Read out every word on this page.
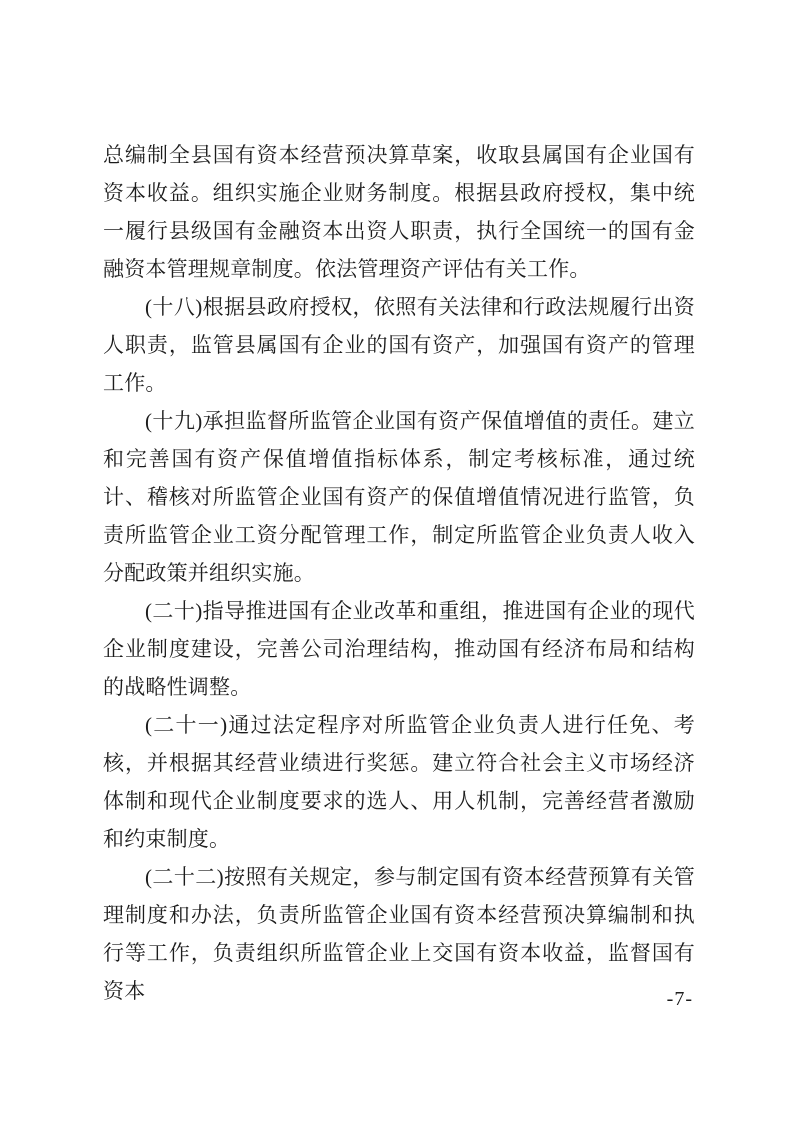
总编制全县国有资本经营预决算草案，收取县属国有企业国有资本收益。组织实施企业财务制度。根据县政府授权，集中统一履行县级国有金融资本出资人职责，执行全国统一的国有金融资本管理规章制度。依法管理资产评估有关工作。

(十八)根据县政府授权，依照有关法律和行政法规履行出资人职责，监管县属国有企业的国有资产，加强国有资产的管理工作。

(十九)承担监督所监管企业国有资产保值增值的责任。建立和完善国有资产保值增值指标体系，制定考核标准，通过统计、稽核对所监管企业国有资产的保值增值情况进行监管，负责所监管企业工资分配管理工作，制定所监管企业负责人收入分配政策并组织实施。

(二十)指导推进国有企业改革和重组，推进国有企业的现代企业制度建设，完善公司治理结构，推动国有经济布局和结构的战略性调整。

(二十一)通过法定程序对所监管企业负责人进行任免、考核，并根据其经营业绩进行奖惩。建立符合社会主义市场经济体制和现代企业制度要求的选人、用人机制，完善经营者激励和约束制度。

(二十二)按照有关规定，参与制定国有资本经营预算有关管理制度和办法，负责所监管企业国有资本经营预决算编制和执行等工作，负责组织所监管企业上交国有资本收益，监督国有资本	-7-
